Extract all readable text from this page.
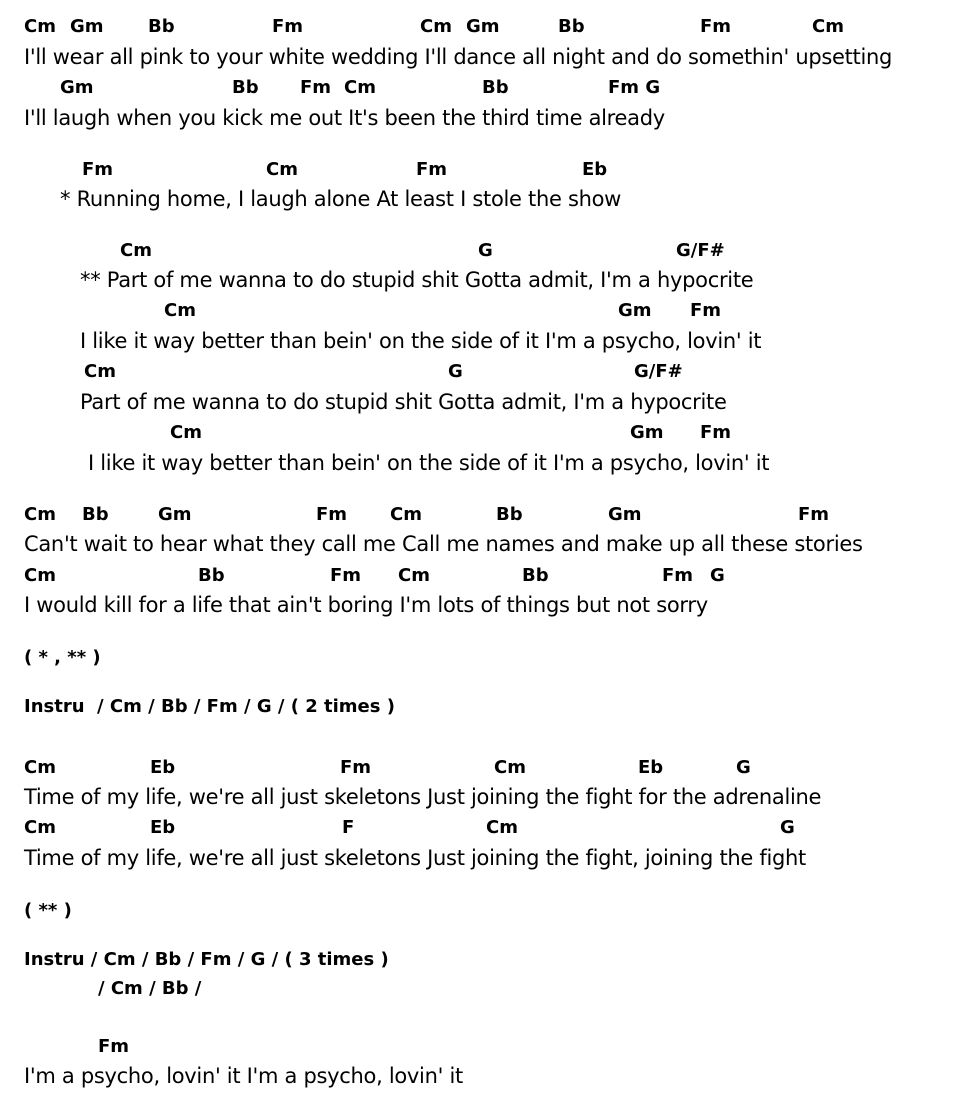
Cm

Gm

Bb

	Fm

	Cm

Gm

	Bb

	Fm

	Cm

I'll wear all pink to your white wedding I'll dance all night and do somethin' upsetting

Gm

	Bb

Fm

Cm

	Bb

	Fm G

I'll laugh when you kick me out It's been the third time already

Fm

	Cm

	Fm

	Eb

* Running home, I laugh alone At least I stole the show

Cm

	G

	G/F#

** Part of me wanna to do stupid shit Gotta admit, I'm a hypocrite

Cm

	Gm

Fm

I like it way better than bein' on the side of it I'm a psycho, lovin' it

Cm

	G

	G/F#

Part of me wanna to do stupid shit Gotta admit, I'm a hypocrite

Cm

	Gm

Fm

I like it way better than bein' on the side of it I'm a psycho, lovin' it

Cm

Bb

	Gm

	Fm

Cm

	Bb

	Gm

	Fm

Can't wait to hear what they call me Call me names and make up all these stories

Cm

	Bb

	Fm

Cm

	Bb

	Fm

G

I would kill for a life that ain't boring I'm lots of things but not sorry
( * , ** )
Instru  / Cm / Bb / Fm / G / ( 2 times )

Cm

	Eb

	Fm

	Cm

	Eb

	G

Time of my life, we're all just skeletons Just joining the fight for the adrenaline

Cm

	Eb

	F

	Cm

	G

Time of my life, we're all just skeletons Just joining the fight, joining the fight
( ** )
Instru / Cm / Bb / Fm / G / ( 3 times )
/ Cm / Bb /

Fm

I'm a psycho, lovin' it I'm a psycho, lovin' it
